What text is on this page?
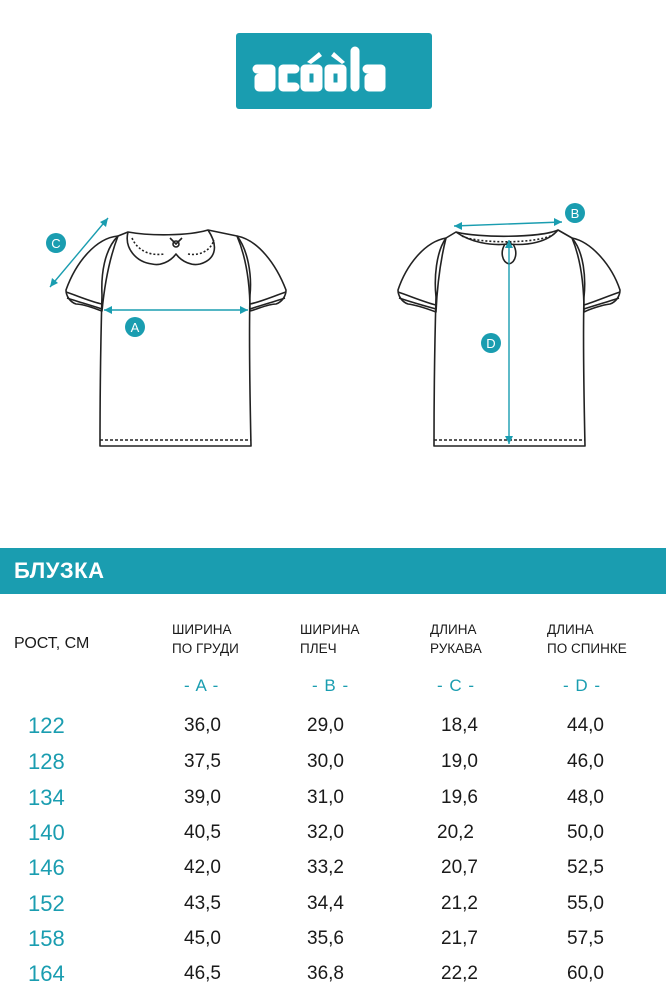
A
C
B
D
БЛУЗКА
РОСТ, СМ
ШИРИНА
ПО ГРУДИ
ШИРИНА
ПЛЕЧ
ДЛИНА
РУКАВА
ДЛИНА
ПО СПИНКЕ
- A -	- B -	- C -	- D -
122	36,0	29,0	18,4	44,0
128	37,5	30,0	19,0	46,0
134	39,0	31,0	19,6	48,0
140	40,5	32,0	20,2	50,0
146	42,0	33,2	20,7	52,5
152	43,5	34,4	21,2	55,0
158	45,0	35,6	21,7	57,5
164	46,5	36,8	22,2	60,0
